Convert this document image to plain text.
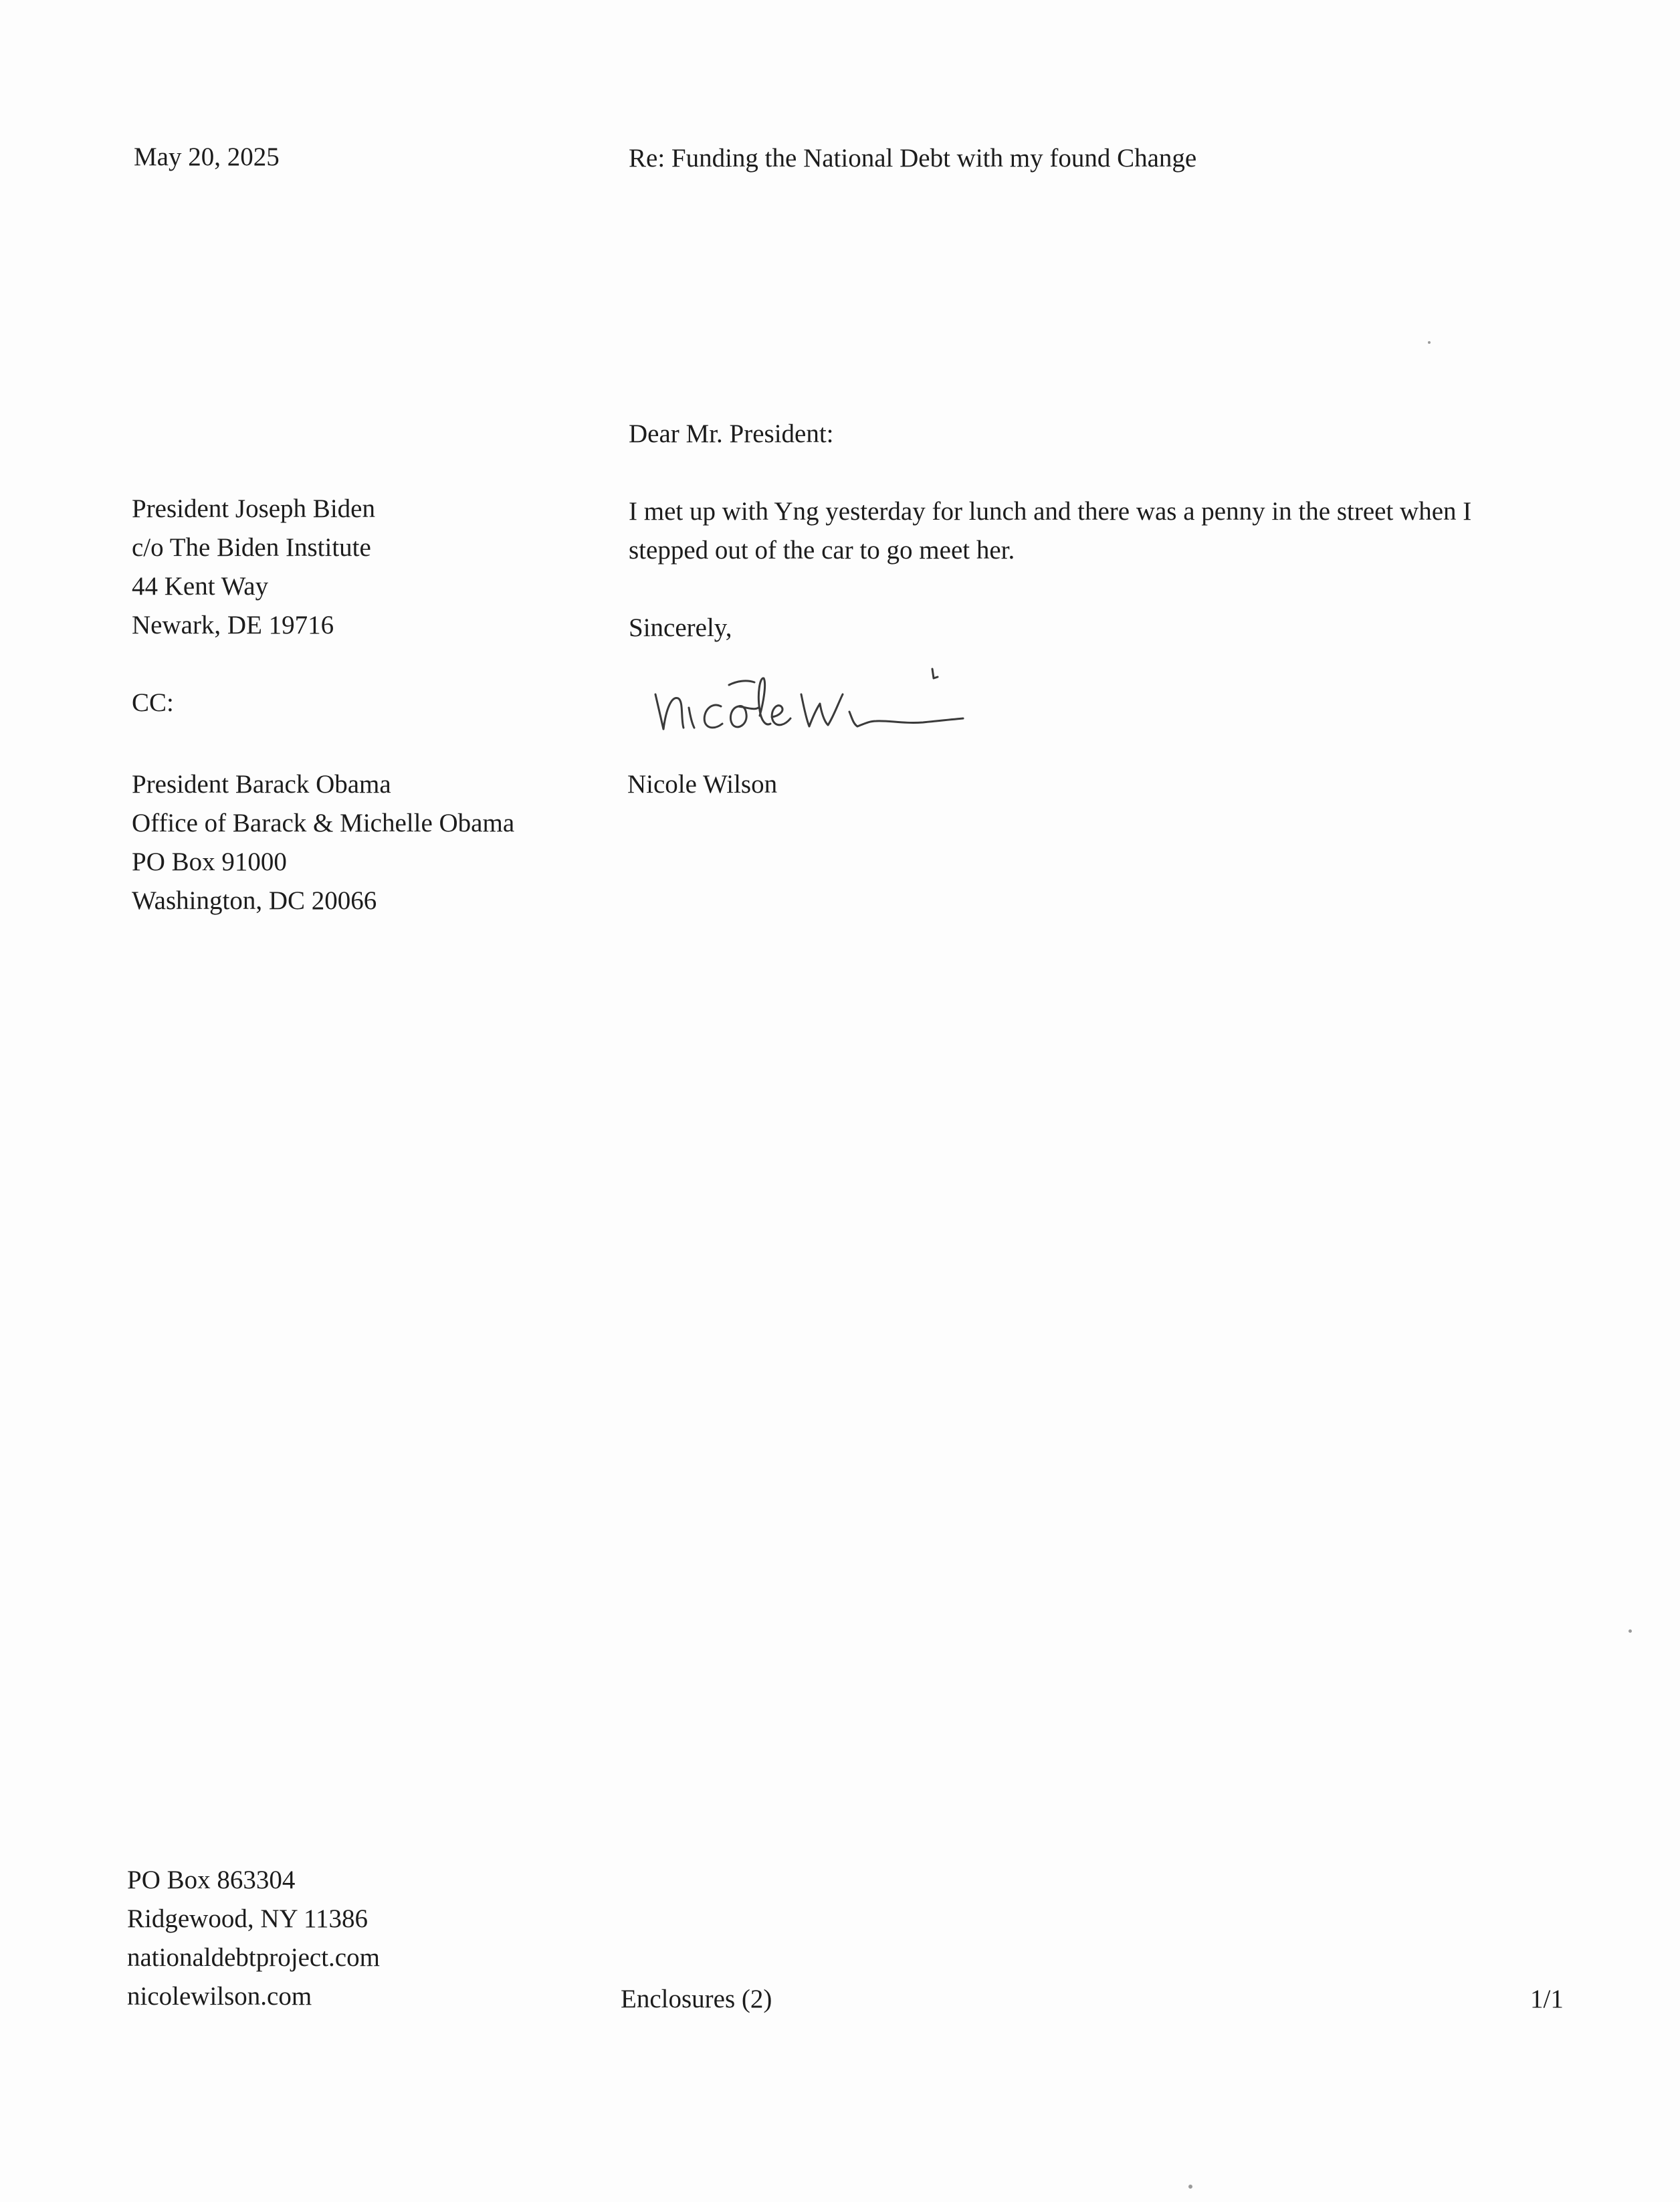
May 20, 2025	Re: Funding the National Debt with my found Change

Dear Mr. President:

President Joseph Biden
c/o The Biden Institute
44 Kent Way
Newark, DE 19716
I met up with Yng yesterday for lunch and there was a penny in the street when I
stepped out of the car to go meet her.

Sincerely,

CC:

Nicole Wilson

President Barack Obama
Office of Barack & Michelle Obama
PO Box 91000
Washington, DC 20066
PO Box 863304
Ridgewood, NY 11386
nationaldebtproject.com
nicolewilson.com	Enclosures (2)	1/1
